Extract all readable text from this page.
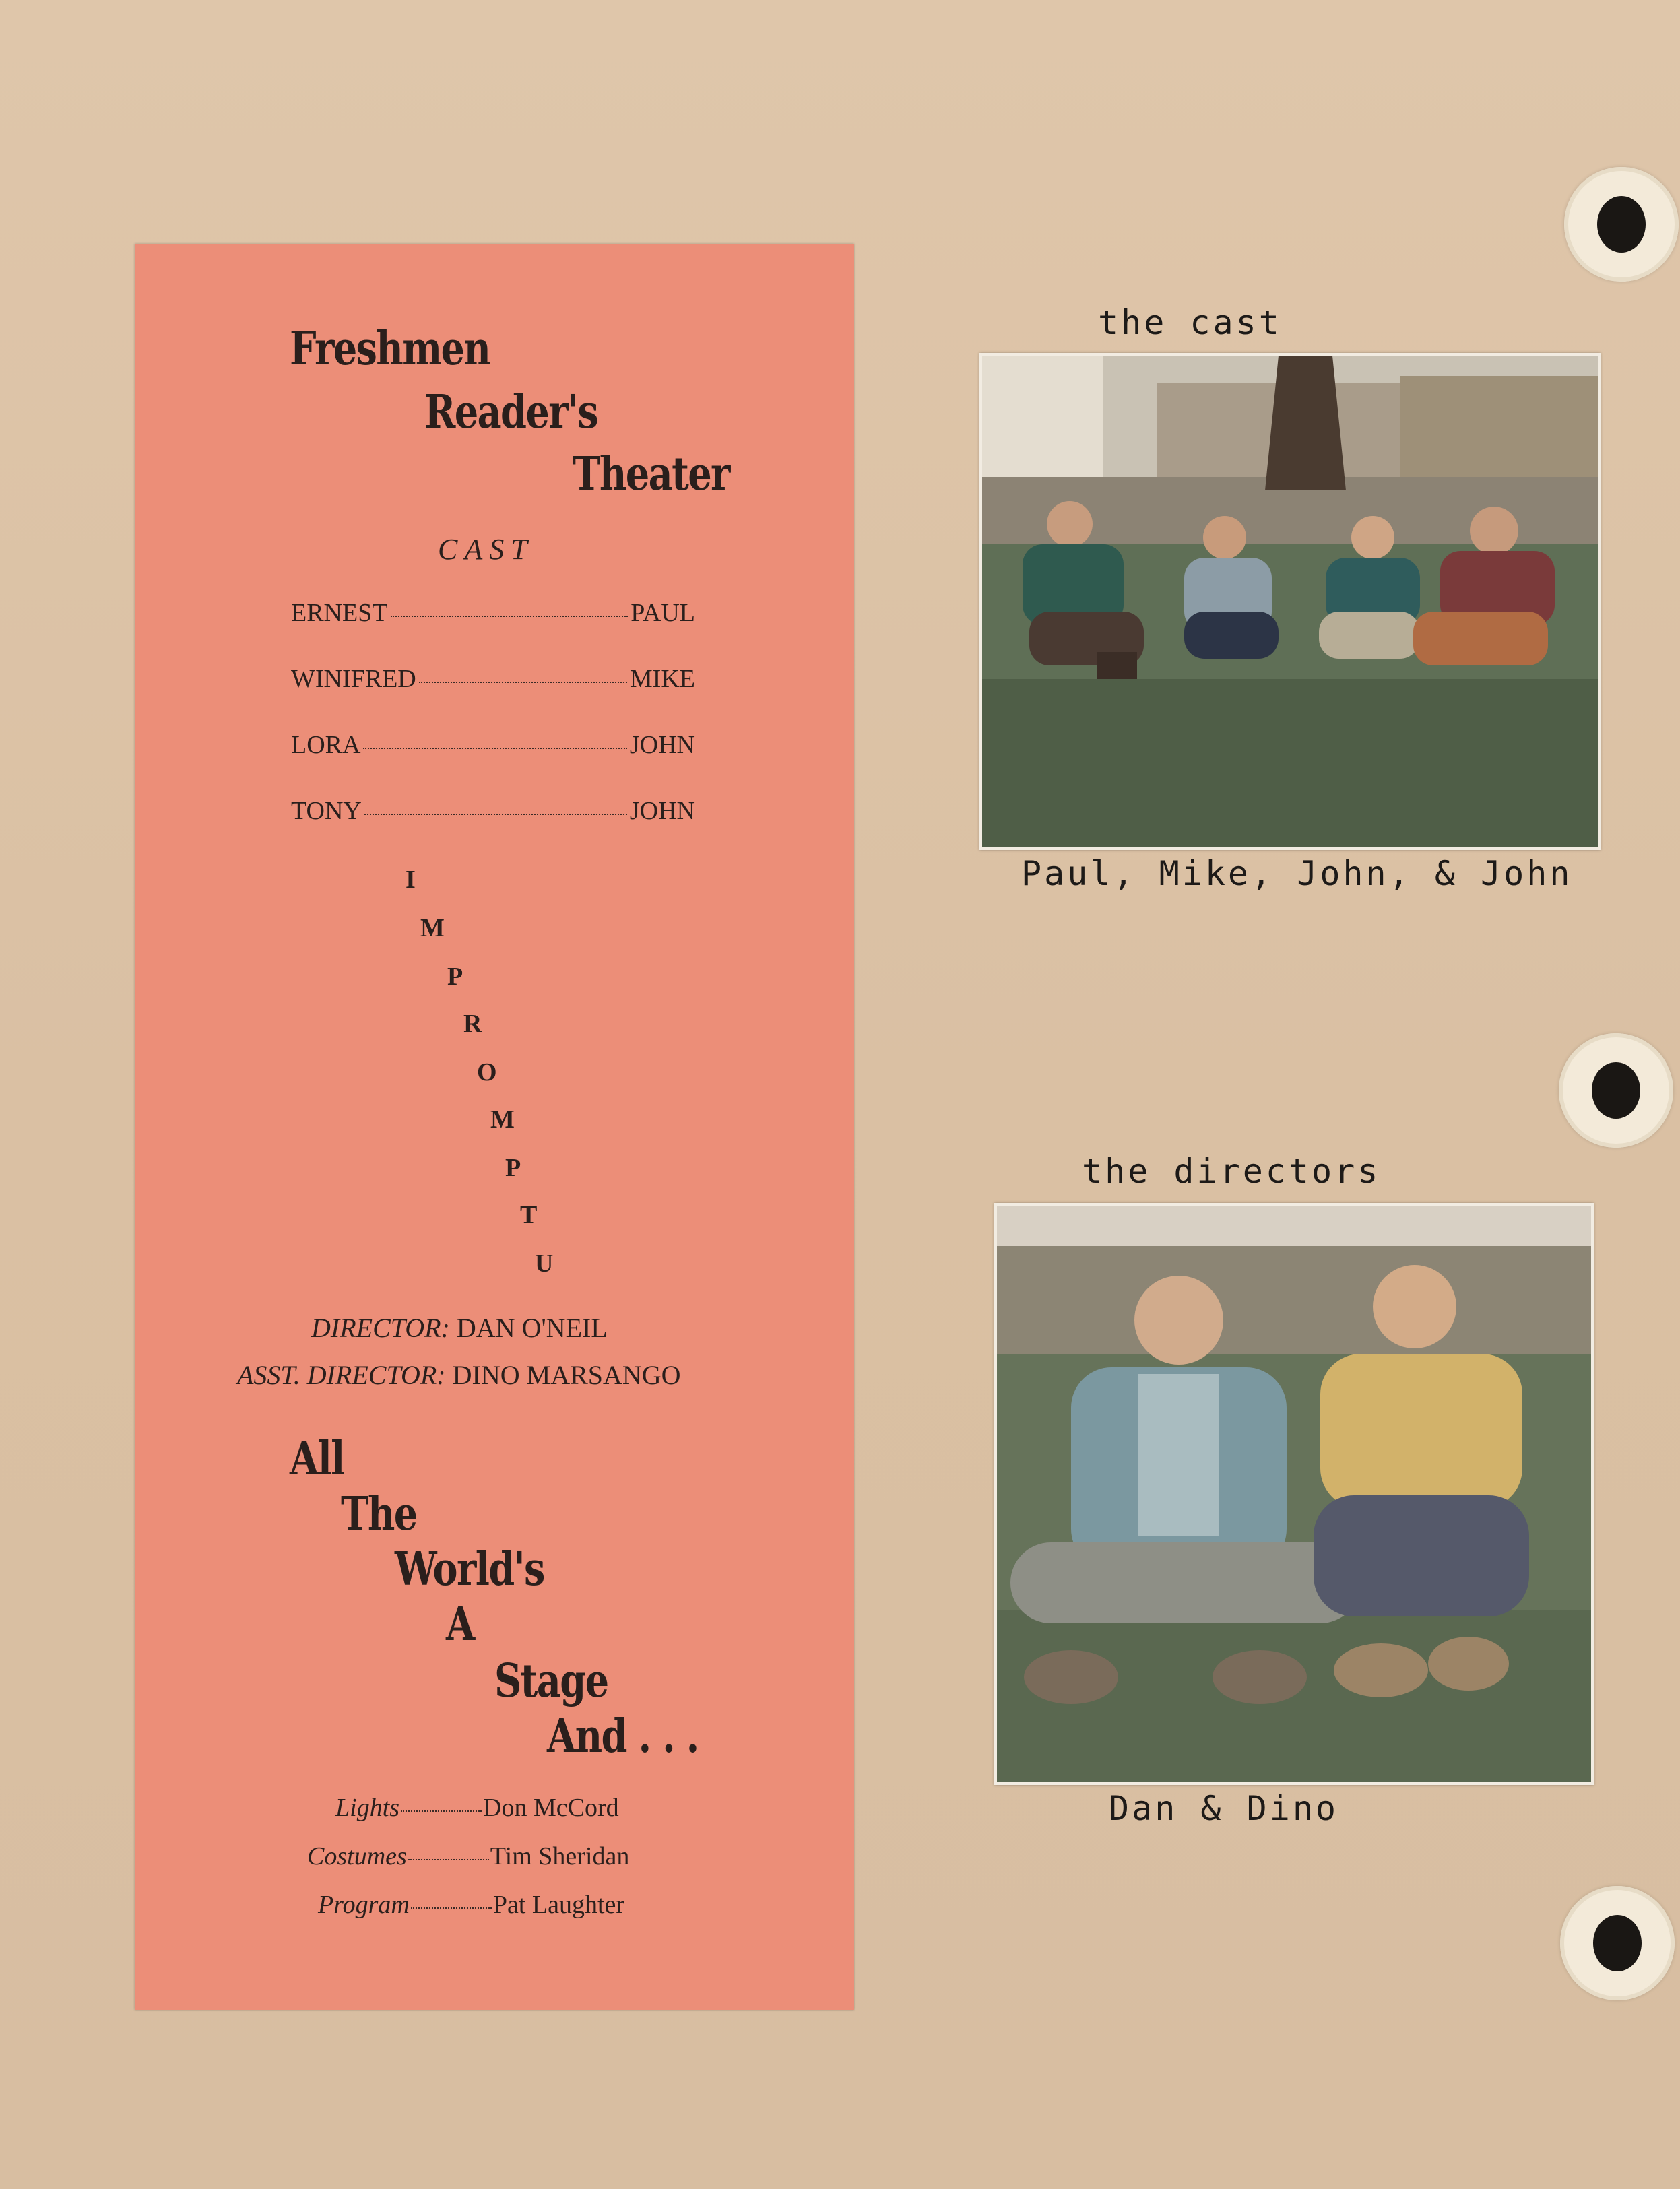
Freshmen
Reader's
Theater
CAST
ERNEST	PAUL
WINIFRED	MIKE
LORA	JOHN
TONY	JOHN
I
M
P
R
O
M
P
T
U
DIRECTOR: DAN O'NEIL
ASST. DIRECTOR: DINO MARSANGO
All
The
World's
A
Stage
And . . .
Lights	Don McCord
Costumes	Tim Sheridan
Program	Pat Laughter
the cast
Paul, Mike, John, & John
the directors
Dan & Dino
